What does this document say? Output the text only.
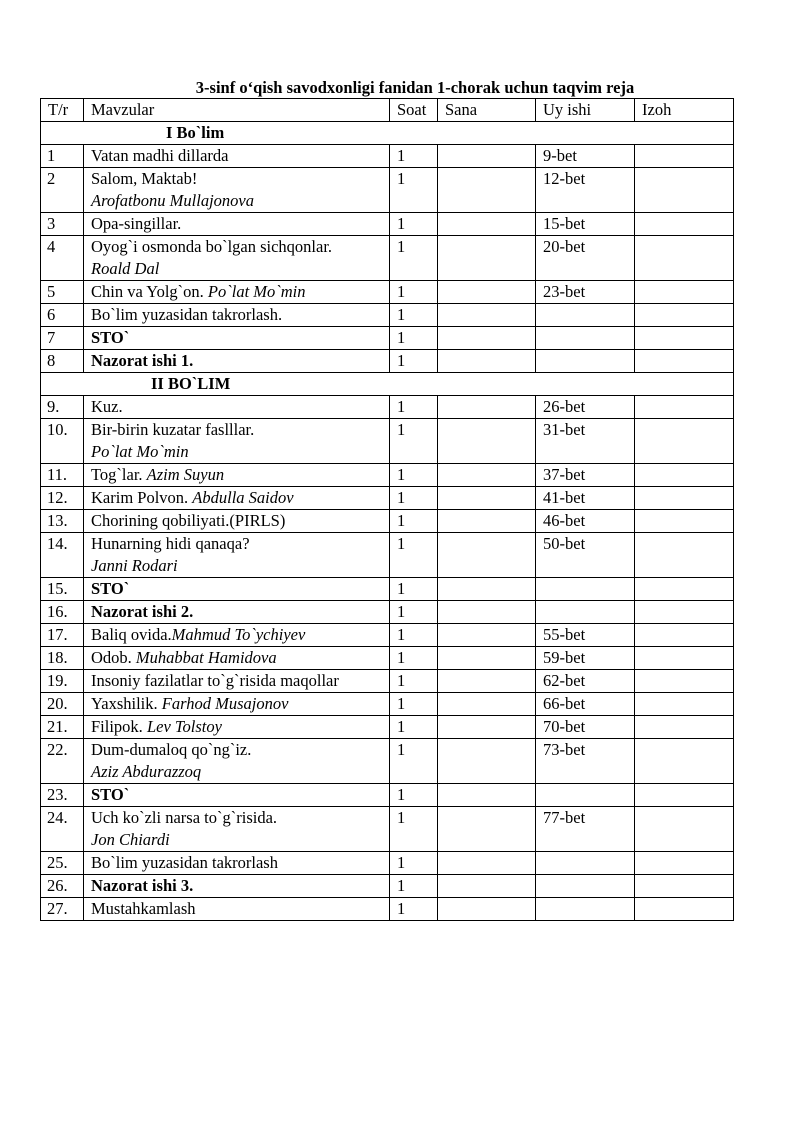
3-sinf oʻqish savodxonligi fanidan 1-chorak uchun taqvim reja
T/r	Mavzular	Soat	Sana	Uy ishi	Izoh

I Bo`lim					

1	Vatan madhi dillarda	1		9-bet	
2	Salom, Maktab!
Arofatbonu Mullajonova	1		12-bet	
3	Opa-singillar.	1		15-bet	
4	Oyog`i osmonda bo`lgan sichqonlar.
Roald Dal	1		20-bet	
5	Chin va Yolg`on. Po`lat Mo`min	1		23-bet	
6	Bo`lim yuzasidan takrorlash.	1			
7	STO`	1			
8	Nazorat ishi 1.	1			

II BO`LIM					

9.	Kuz.	1		26-bet	
10.	Bir-birin kuzatar faslllar.
Po`lat Mo`min	1		31-bet	
11.	Tog`lar. Azim Suyun	1		37-bet	
12.	Karim Polvon. Abdulla Saidov	1		41-bet	
13.	Chorining qobiliyati.(PIRLS)	1		46-bet	
14.	Hunarning hidi qanaqa?
Janni Rodari	1		50-bet	
15.	STO`	1			
16.	Nazorat ishi 2.	1			
17.	Baliq ovida.Mahmud To`ychiyev	1		55-bet	
18.	Odob. Muhabbat Hamidova	1		59-bet	
19.	Insoniy fazilatlar to`g`risida maqollar	1		62-bet	
20.	Yaxshilik. Farhod Musajonov	1		66-bet	
21.	Filipok. Lev Tolstoy	1		70-bet	
22.	Dum-dumaloq qo`ng`iz.
Aziz Abdurazzoq	1		73-bet	
23.	STO`	1			
24.	Uch ko`zli narsa to`g`risida.
Jon Chiardi	1		77-bet	
25.	Bo`lim yuzasidan takrorlash	1			
26.	Nazorat ishi 3.	1			
27.	Mustahkamlash	1			
